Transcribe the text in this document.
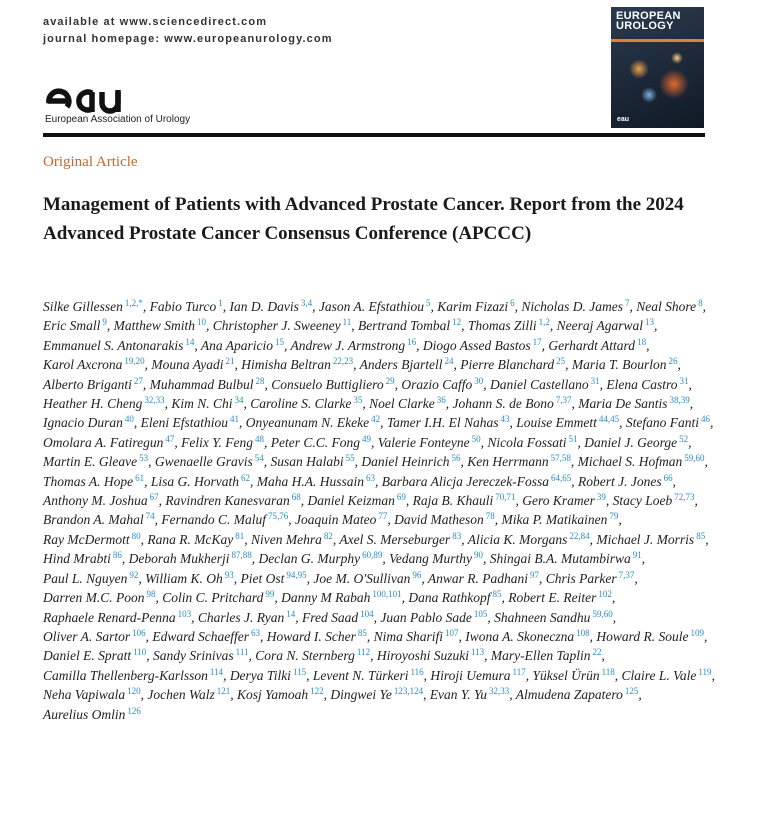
available at www.sciencedirect.com
journal homepage: www.europeanurology.com
EUROPEAN
UROLOGY
eau
European Association of Urology
Original Article
Management of Patients with Advanced Prostate Cancer. Report from the 2024 Advanced Prostate Cancer Consensus Conference (APCCC)
Silke Gillessen $^{1,2,*}$, Fabio Turco $^1$, Ian D. Davis $^{3,4}$, Jason A. Efstathiou $^5$, Karim Fizazi $^6$, Nicholas D. James $^7$, Neal Shore $^8$, Eric Small $^9$, Matthew Smith $^{10}$, Christopher J. Sweeney $^{11}$, Bertrand Tombal $^{12}$, Thomas Zilli $^{1,2}$, Neeraj Agarwal $^{13}$, Emmanuel S. Antonarakis $^{14}$, Ana Aparicio $^{15}$, Andrew J. Armstrong $^{16}$, Diogo Assed Bastos $^{17}$, Gerhardt Attard $^{18}$, Karol Axcrona $^{19,20}$, Mouna Ayadi $^{21}$, Himisha Beltran $^{22,23}$, Anders Bjartell $^{24}$, Pierre Blanchard $^{25}$, Maria T. Bourlon $^{26}$, Alberto Briganti $^{27}$, Muhammad Bulbul $^{28}$, Consuelo Buttigliero $^{29}$, Orazio Caffo $^{30}$, Daniel Castellano $^{31}$, Elena Castro $^{31}$, Heather H. Cheng $^{32,33}$, Kim N. Chi $^{34}$, Caroline S. Clarke $^{35}$, Noel Clarke $^{36}$, Johann S. de Bono $^{7,37}$, Maria De Santis $^{38,39}$, Ignacio Duran $^{40}$, Eleni Efstathiou $^{41}$, Onyeanunam N. Ekeke $^{42}$, Tamer I.H. El Nahas $^{43}$, Louise Emmett $^{44,45}$, Stefano Fanti $^{46}$, Omolara A. Fatiregun $^{47}$, Felix Y. Feng $^{48}$, Peter C.C. Fong $^{49}$, Valerie Fonteyne $^{50}$, Nicola Fossati $^{51}$, Daniel J. George $^{52}$, Martin E. Gleave $^{53}$, Gwenaelle Gravis $^{54}$, Susan Halabi $^{55}$, Daniel Heinrich $^{56}$, Ken Herrmann $^{57,58}$, Michael S. Hofman $^{59,60}$, Thomas A. Hope $^{61}$, Lisa G. Horvath $^{62}$, Maha H.A. Hussain $^{63}$, Barbara Alicja Jereczek-Fossa $^{64,65}$, Robert J. Jones $^{66}$, Anthony M. Joshua $^{67}$, Ravindren Kanesvaran $^{68}$, Daniel Keizman $^{69}$, Raja B. Khauli $^{70,71}$, Gero Kramer $^{39}$, Stacy Loeb $^{72,73}$, Brandon A. Mahal $^{74}$, Fernando C. Maluf $^{75,76}$, Joaquin Mateo $^{77}$, David Matheson $^{78}$, Mika P. Matikainen $^{79}$, Ray McDermott $^{80}$, Rana R. McKay $^{81}$, Niven Mehra $^{82}$, Axel S. Merseburger $^{83}$, Alicia K. Morgans $^{22,84}$, Michael J. Morris $^{85}$, Hind Mrabti $^{86}$, Deborah Mukherji $^{87,88}$, Declan G. Murphy $^{60,89}$, Vedang Murthy $^{90}$, Shingai B.A. Mutambirwa $^{91}$, Paul L. Nguyen $^{92}$, William K. Oh $^{93}$, Piet Ost $^{94,95}$, Joe M. O'Sullivan $^{96}$, Anwar R. Padhani $^{97}$, Chris Parker $^{7,37}$, Darren M.C. Poon $^{98}$, Colin C. Pritchard $^{99}$, Danny M Rabah $^{100,101}$, Dana Rathkopf $^{85}$, Robert E. Reiter $^{102}$, Raphaele Renard-Penna $^{103}$, Charles J. Ryan $^{14}$, Fred Saad $^{104}$, Juan Pablo Sade $^{105}$, Shahneen Sandhu $^{59,60}$, Oliver A. Sartor $^{106}$, Edward Schaeffer $^{63}$, Howard I. Scher $^{85}$, Nima Sharifi $^{107}$, Iwona A. Skoneczna $^{108}$, Howard R. Soule $^{109}$, Daniel E. Spratt $^{110}$, Sandy Srinivas $^{111}$, Cora N. Sternberg $^{112}$, Hiroyoshi Suzuki $^{113}$, Mary-Ellen Taplin $^{22}$, Camilla Thellenberg-Karlsson $^{114}$, Derya Tilki $^{115}$, Levent N. Türkeri $^{116}$, Hiroji Uemura $^{117}$, Yüksel Ürün $^{118}$, Claire L. Vale $^{119}$, Neha Vapiwala $^{120}$, Jochen Walz $^{121}$, Kosj Yamoah $^{122}$, Dingwei Ye $^{123,124}$, Evan Y. Yu $^{32,33}$, Almudena Zapatero $^{125}$, Aurelius Omlin $^{126}$
